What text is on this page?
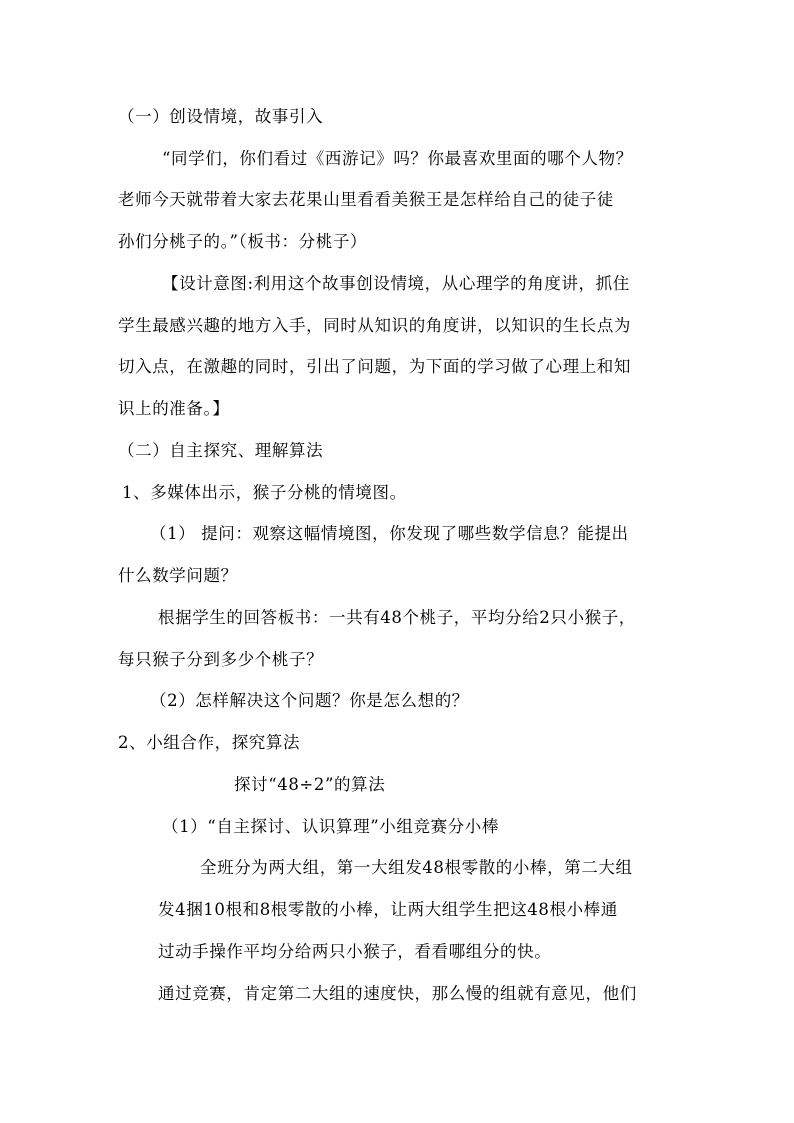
（一）创设情境，故事引入
“同学们，你们看过《西游记》吗？你最喜欢里面的哪个人物？
老师今天就带着大家去花果山里看看美猴王是怎样给自己的徒子徒
孙们分桃子的。”（板书：分桃子）
【设计意图:利用这个故事创设情境，从心理学的角度讲，抓住
学生最感兴趣的地方入手，同时从知识的角度讲，以知识的生长点为
切入点，在激趣的同时，引出了问题，为下面的学习做了心理上和知
识上的准备。】
（二）自主探究、理解算法
1、多媒体出示，猴子分桃的情境图。
（1） 提问：观察这幅情境图，你发现了哪些数学信息？能提出
什么数学问题？
根据学生的回答板书：一共有48个桃子，平均分给2只小猴子，
每只猴子分到多少个桃子？
（2）怎样解决这个问题？你是怎么想的？
2、小组合作，探究算法
探讨“48÷2”的算法
（1）“自主探讨、认识算理”小组竞赛分小棒
全班分为两大组，第一大组发48根零散的小棒，第二大组
发4捆10根和8根零散的小棒，让两大组学生把这48根小棒通
过动手操作平均分给两只小猴子，看看哪组分的快。
通过竞赛，肯定第二大组的速度快，那么慢的组就有意见，他们
